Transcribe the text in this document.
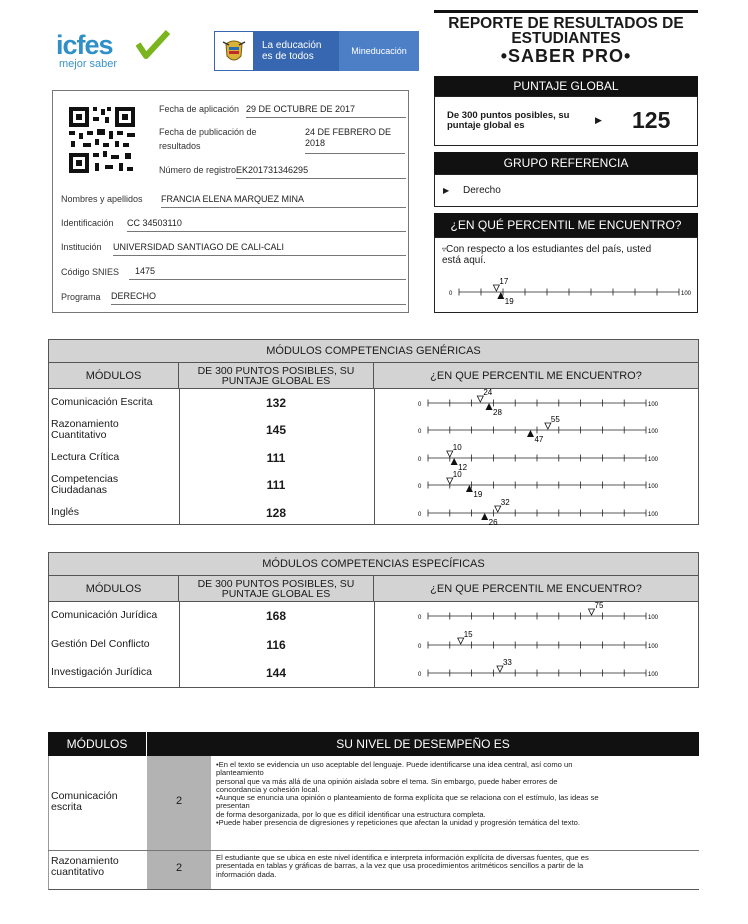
icfes
mejor saber
La educación
es de todos	Mineducación
REPORTE DE RESULTADOS DE
ESTUDIANTES
•SABER PRO•
PUNTAJE GLOBAL
De 300 puntos posibles, su
puntaje global es	▶ 125
GRUPO REFERENCIA
▶ Derecho
¿EN QUÉ PERCENTIL ME ENCUENTRO?
▿Con respecto a los estudiantes del país, usted
está aquí.
0	100
17
19
Fecha de aplicación 29 DE OCTUBRE DE 2017
Fecha de publicación de
resultados
24 DE FEBRERO DE
2018
Número de registro EK201731346295
Nombres y apellidos FRANCIA ELENA MARQUEZ MINA
Identificación CC 34503110
Institución UNIVERSIDAD SANTIAGO DE CALI-CALI
Código SNIES	1475
Programa DERECHO
MÓDULOS COMPETENCIAS GENÉRICAS
MÓDULOS	DE 300 PUNTOS POSIBLES, SU
PUNTAJE GLOBAL ES	¿EN QUE PERCENTIL ME ENCUENTRO?
Comunicación Escrita	132	0	100
24
28
Razonamiento
Cuantitativo	145	0	100
55
47
Lectura Crítica	111	0	100
10
12
Competencias
Ciudadanas	111	0	100
10
19
Inglés	128	0	100
32
26
MÓDULOS COMPETENCIAS ESPECÍFICAS
MÓDULOS	DE 300 PUNTOS POSIBLES, SU
PUNTAJE GLOBAL ES	¿EN QUE PERCENTIL ME ENCUENTRO?
Comunicación Jurídica	168	0	100
75
Gestión Del Conflicto	116	0	100
15
Investigación Jurídica	144	0	100
33
MÓDULOS	SU NIVEL DE DESEMPEÑO ES
Comunicación
escrita	2
•En el texto se evidencia un uso aceptable del lenguaje. Puede identificarse una idea central, así como un
planteamiento
personal que va más allá de una opinión aislada sobre el tema. Sin embargo, puede haber errores de
concordancia y cohesión local.
•Aunque se enuncia una opinión o planteamiento de forma explícita que se relaciona con el estímulo, las ideas se
presentan
de forma desorganizada, por lo que es difícil identificar una estructura completa.
•Puede haber presencia de digresiones y repeticiones que afectan la unidad y progresión temática del texto.
Razonamiento
cuantitativo	2
El estudiante que se ubica en este nivel identifica e interpreta información explícita de diversas fuentes, que es
presentada en tablas y gráficas de barras, a la vez que usa procedimientos aritméticos sencillos a partir de la
información dada.
